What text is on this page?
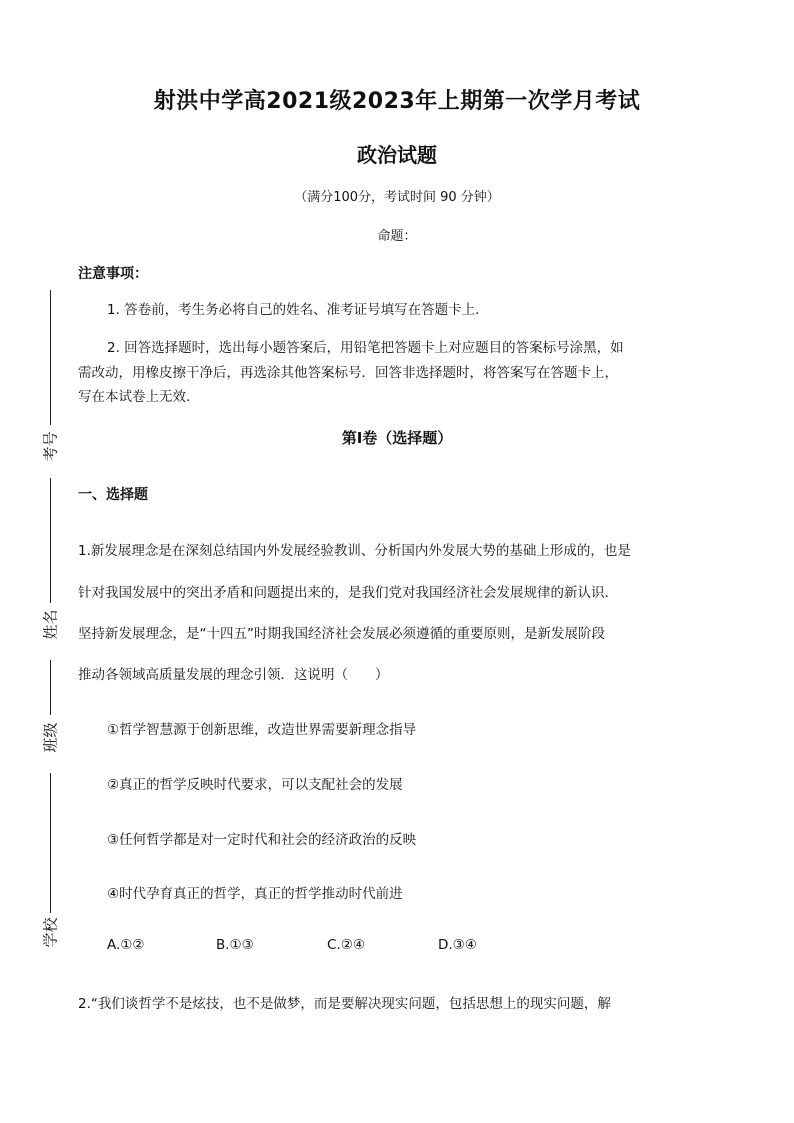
射洪中学高2021级2023年上期第一次学月考试
政治试题
（满分100分，考试时间 90 分钟）
命题：
注意事项：
1. 答卷前，考生务必将自己的姓名、准考证号填写在答题卡上．
2. 回答选择题时，选出每小题答案后，用铅笔把答题卡上对应题目的答案标号涂黑，如
需改动，用橡皮擦干净后，再选涂其他答案标号．回答非选择题时，将答案写在答题卡上，
写在本试卷上无效．
第Ⅰ卷（选择题）
一、选择题
1.新发展理念是在深刻总结国内外发展经验教训、分析国内外发展大势的基础上形成的，也是
针对我国发展中的突出矛盾和问题提出来的，是我们党对我国经济社会发展规律的新认识．
坚持新发展理念，是“十四五”时期我国经济社会发展必须遵循的重要原则，是新发展阶段
推动各领域高质量发展的理念引领．这说明（　　）
①哲学智慧源于创新思维，改造世界需要新理念指导
②真正的哲学反映时代要求，可以支配社会的发展
③任何哲学都是对一定时代和社会的经济政治的反映
④时代孕育真正的哲学，真正的哲学推动时代前进
A.①②	B.①③	C.②④	D.③④
2.“我们谈哲学不是炫技，也不是做梦，而是要解决现实问题，包括思想上的现实问题，解
考号
姓名
班级
学校
